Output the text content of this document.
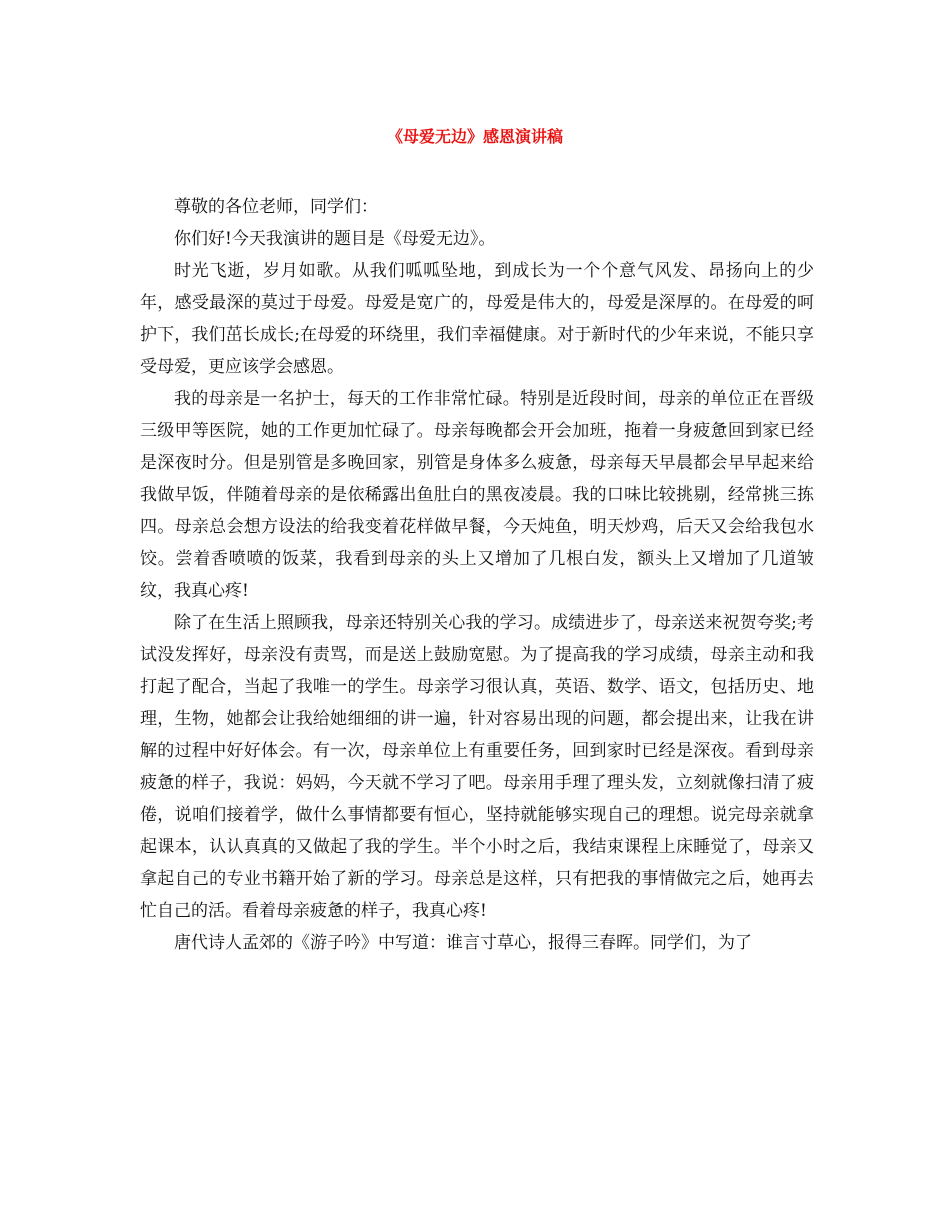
《母爱无边》感恩演讲稿

尊敬的各位老师，同学们：

你们好!今天我演讲的题目是《母爱无边》。

时光飞逝，岁月如歌。从我们呱呱坠地，到成长为一个个意气风发、昂扬向上的少年，感受最深的莫过于母爱。母爱是宽广的，母爱是伟大的，母爱是深厚的。在母爱的呵护下，我们茁长成长;在母爱的环绕里，我们幸福健康。对于新时代的少年来说，不能只享受母爱，更应该学会感恩。

我的母亲是一名护士，每天的工作非常忙碌。特别是近段时间，母亲的单位正在晋级三级甲等医院，她的工作更加忙碌了。母亲每晚都会开会加班，拖着一身疲惫回到家已经是深夜时分。但是别管是多晚回家，别管是身体多么疲惫，母亲每天早晨都会早早起来给我做早饭，伴随着母亲的是依稀露出鱼肚白的黑夜凌晨。我的口味比较挑剔，经常挑三拣四。母亲总会想方设法的给我变着花样做早餐，今天炖鱼，明天炒鸡，后天又会给我包水饺。尝着香喷喷的饭菜，我看到母亲的头上又增加了几根白发，额头上又增加了几道皱纹，我真心疼!

除了在生活上照顾我，母亲还特别关心我的学习。成绩进步了，母亲送来祝贺夸奖;考试没发挥好，母亲没有责骂，而是送上鼓励宽慰。为了提高我的学习成绩，母亲主动和我打起了配合，当起了我唯一的学生。母亲学习很认真，英语、数学、语文，包括历史、地理，生物，她都会让我给她细细的讲一遍，针对容易出现的问题，都会提出来，让我在讲解的过程中好好体会。有一次，母亲单位上有重要任务，回到家时已经是深夜。看到母亲疲惫的样子，我说：妈妈，今天就不学习了吧。母亲用手理了理头发，立刻就像扫清了疲倦，说咱们接着学，做什么事情都要有恒心，坚持就能够实现自己的理想。说完母亲就拿起课本，认认真真的又做起了我的学生。半个小时之后，我结束课程上床睡觉了，母亲又拿起自己的专业书籍开始了新的学习。母亲总是这样，只有把我的事情做完之后，她再去忙自己的活。看着母亲疲惫的样子，我真心疼!

唐代诗人孟郊的《游子吟》中写道：谁言寸草心，报得三春晖。同学们，为了
